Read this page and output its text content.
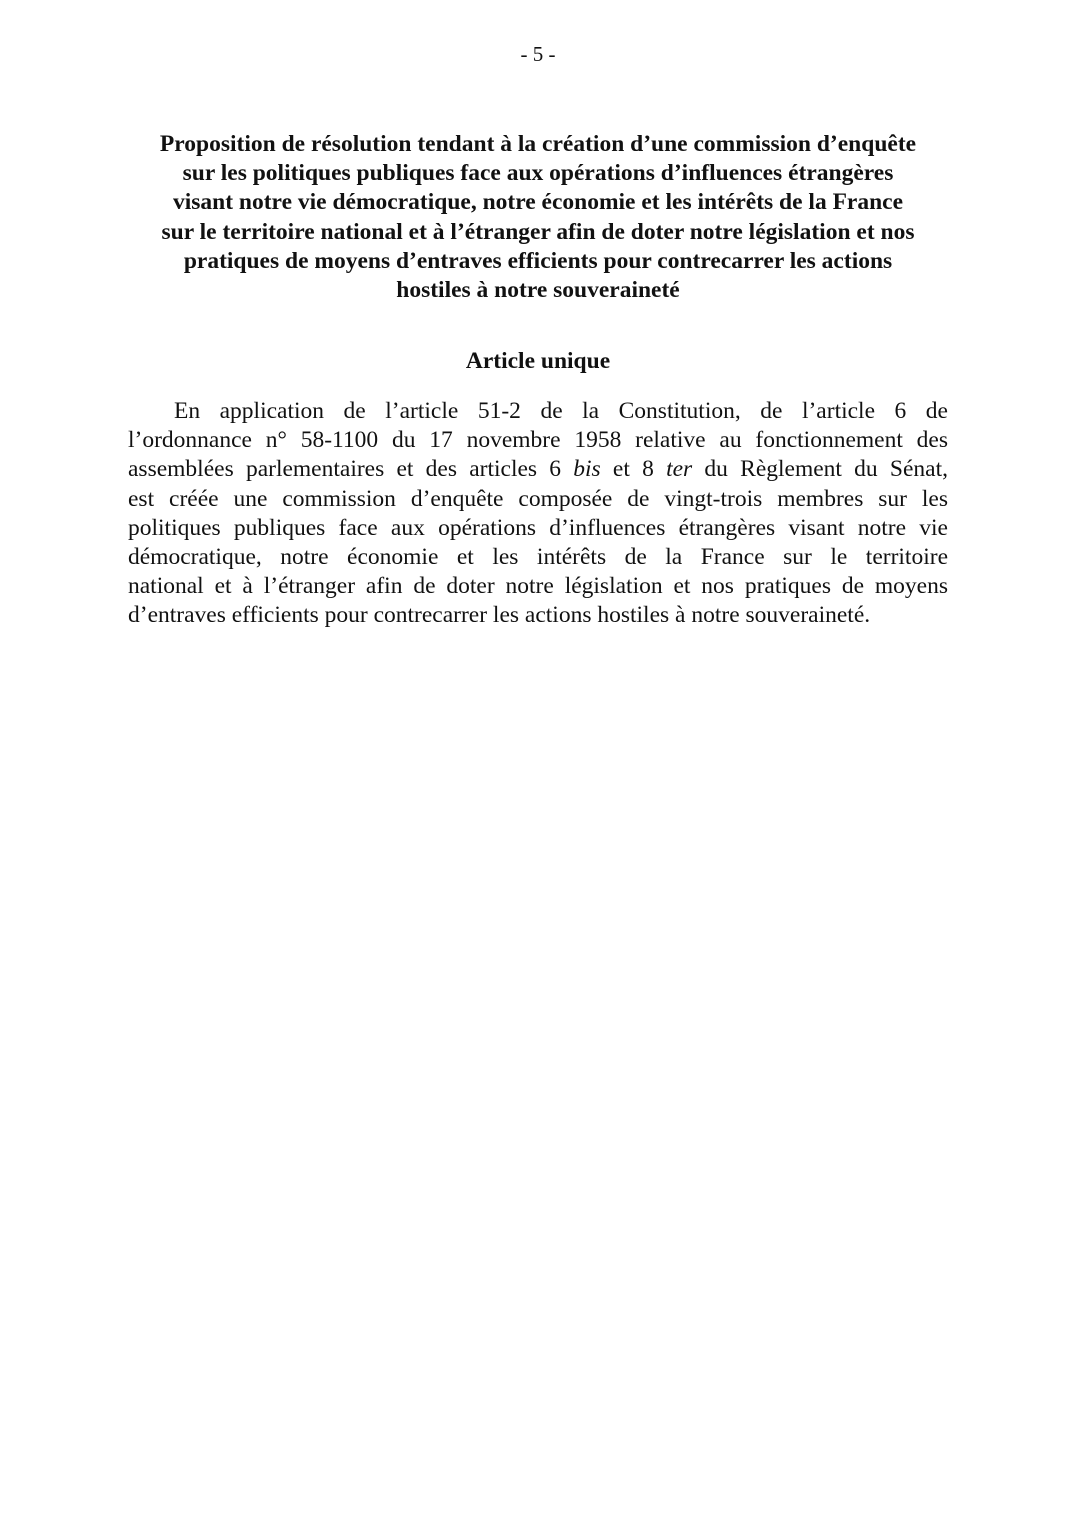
- 5 -
Proposition de résolution tendant à la création d’une commission d’enquête
sur les politiques publiques face aux opérations d’influences étrangères
visant notre vie démocratique, notre économie et les intérêts de la France
sur le territoire national et à l’étranger afin de doter notre législation et nos
pratiques de moyens d’entraves efficients pour contrecarrer les actions
hostiles à notre souveraineté
Article unique
En application de l’article 51-2 de la Constitution, de l’article 6 de
l’ordonnance n° 58-1100 du 17 novembre 1958 relative au fonctionnement des
assemblées parlementaires et des articles 6 bis et 8 ter du Règlement du Sénat,
est créée une commission d’enquête composée de vingt-trois membres sur les
politiques publiques face aux opérations d’influences étrangères visant notre vie
démocratique, notre économie et les intérêts de la France sur le territoire
national et à l’étranger afin de doter notre législation et nos pratiques de moyens
d’entraves efficients pour contrecarrer les actions hostiles à notre souveraineté.
